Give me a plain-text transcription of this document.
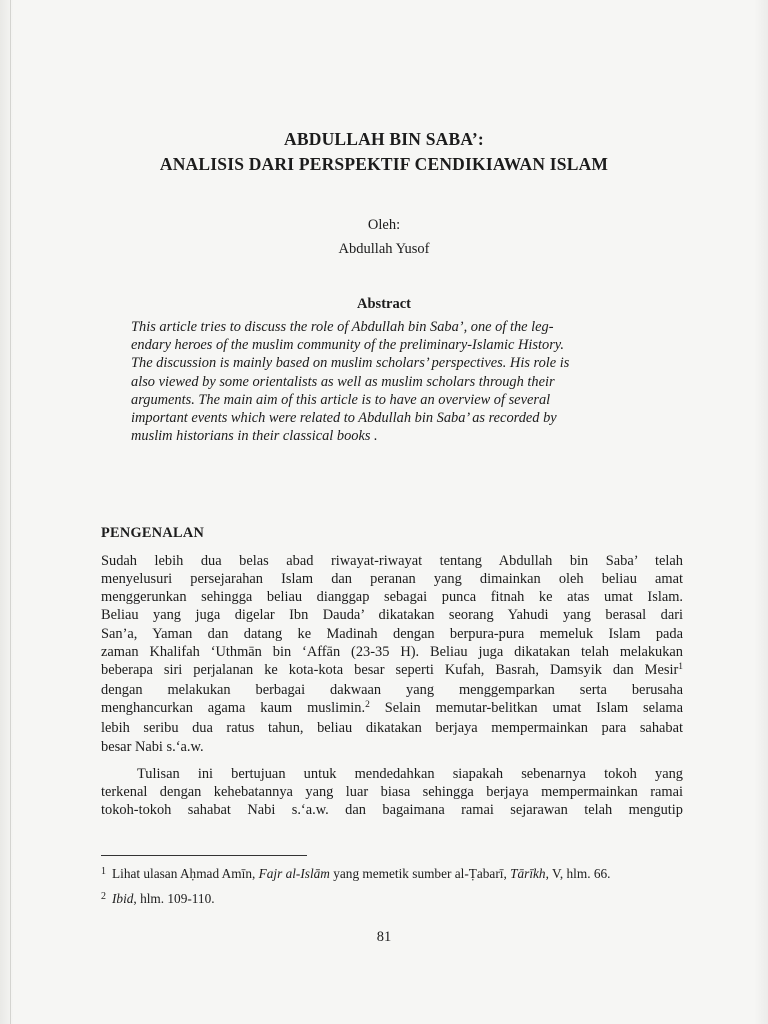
ABDULLAH BIN SABA’:
ANALISIS DARI PERSPEKTIF CENDIKIAWAN ISLAM
Oleh:
Abdullah Yusof
Abstract
This article tries to discuss the role of Abdullah bin Saba’, one of the leg-
endary heroes of the muslim community of the preliminary-Islamic History.
The discussion is mainly based on muslim scholars’ perspectives. His role is
also viewed by some orientalists as well as muslim scholars through their
arguments. The main aim of this article is to have an overview of several
important events which were related to Abdullah bin Saba’ as recorded by
muslim historians in their classical books .
PENGENALAN
Sudah lebih dua belas abad riwayat-riwayat tentang Abdullah bin Saba’ telah
menyelusuri persejarahan Islam dan peranan yang dimainkan oleh beliau amat
menggerunkan sehingga beliau dianggap sebagai punca fitnah ke atas umat Islam.
Beliau yang juga digelar Ibn Dauda’ dikatakan seorang Yahudi yang berasal dari
San’a, Yaman dan datang ke Madinah dengan berpura-pura memeluk Islam pada
zaman Khalifah ‘Uthmān bin ‘Affān (23-35 H). Beliau juga dikatakan telah melakukan
beberapa siri perjalanan ke kota-kota besar seperti Kufah, Basrah, Damsyik dan Mesir$^1$
dengan melakukan berbagai dakwaan yang menggemparkan serta berusaha
menghancurkan agama kaum muslimin.$^2$ Selain memutar-belitkan umat Islam selama
lebih seribu dua ratus tahun, beliau dikatakan berjaya mempermainkan para sahabat
besar Nabi s.‘a.w.
Tulisan ini bertujuan untuk mendedahkan siapakah sebenarnya tokoh yang
terkenal dengan kehebatannya yang luar biasa sehingga berjaya mempermainkan ramai
tokoh-tokoh sahabat Nabi s.‘a.w. dan bagaimana ramai sejarawan telah mengutip
$^1$ Lihat ulasan Aḥmad Amīn, Fajr al-Islām yang memetik sumber al-Ṭabarī, Tārīkh, V, hlm. 66.
$^2$ Ibid, hlm. 109-110.
81
